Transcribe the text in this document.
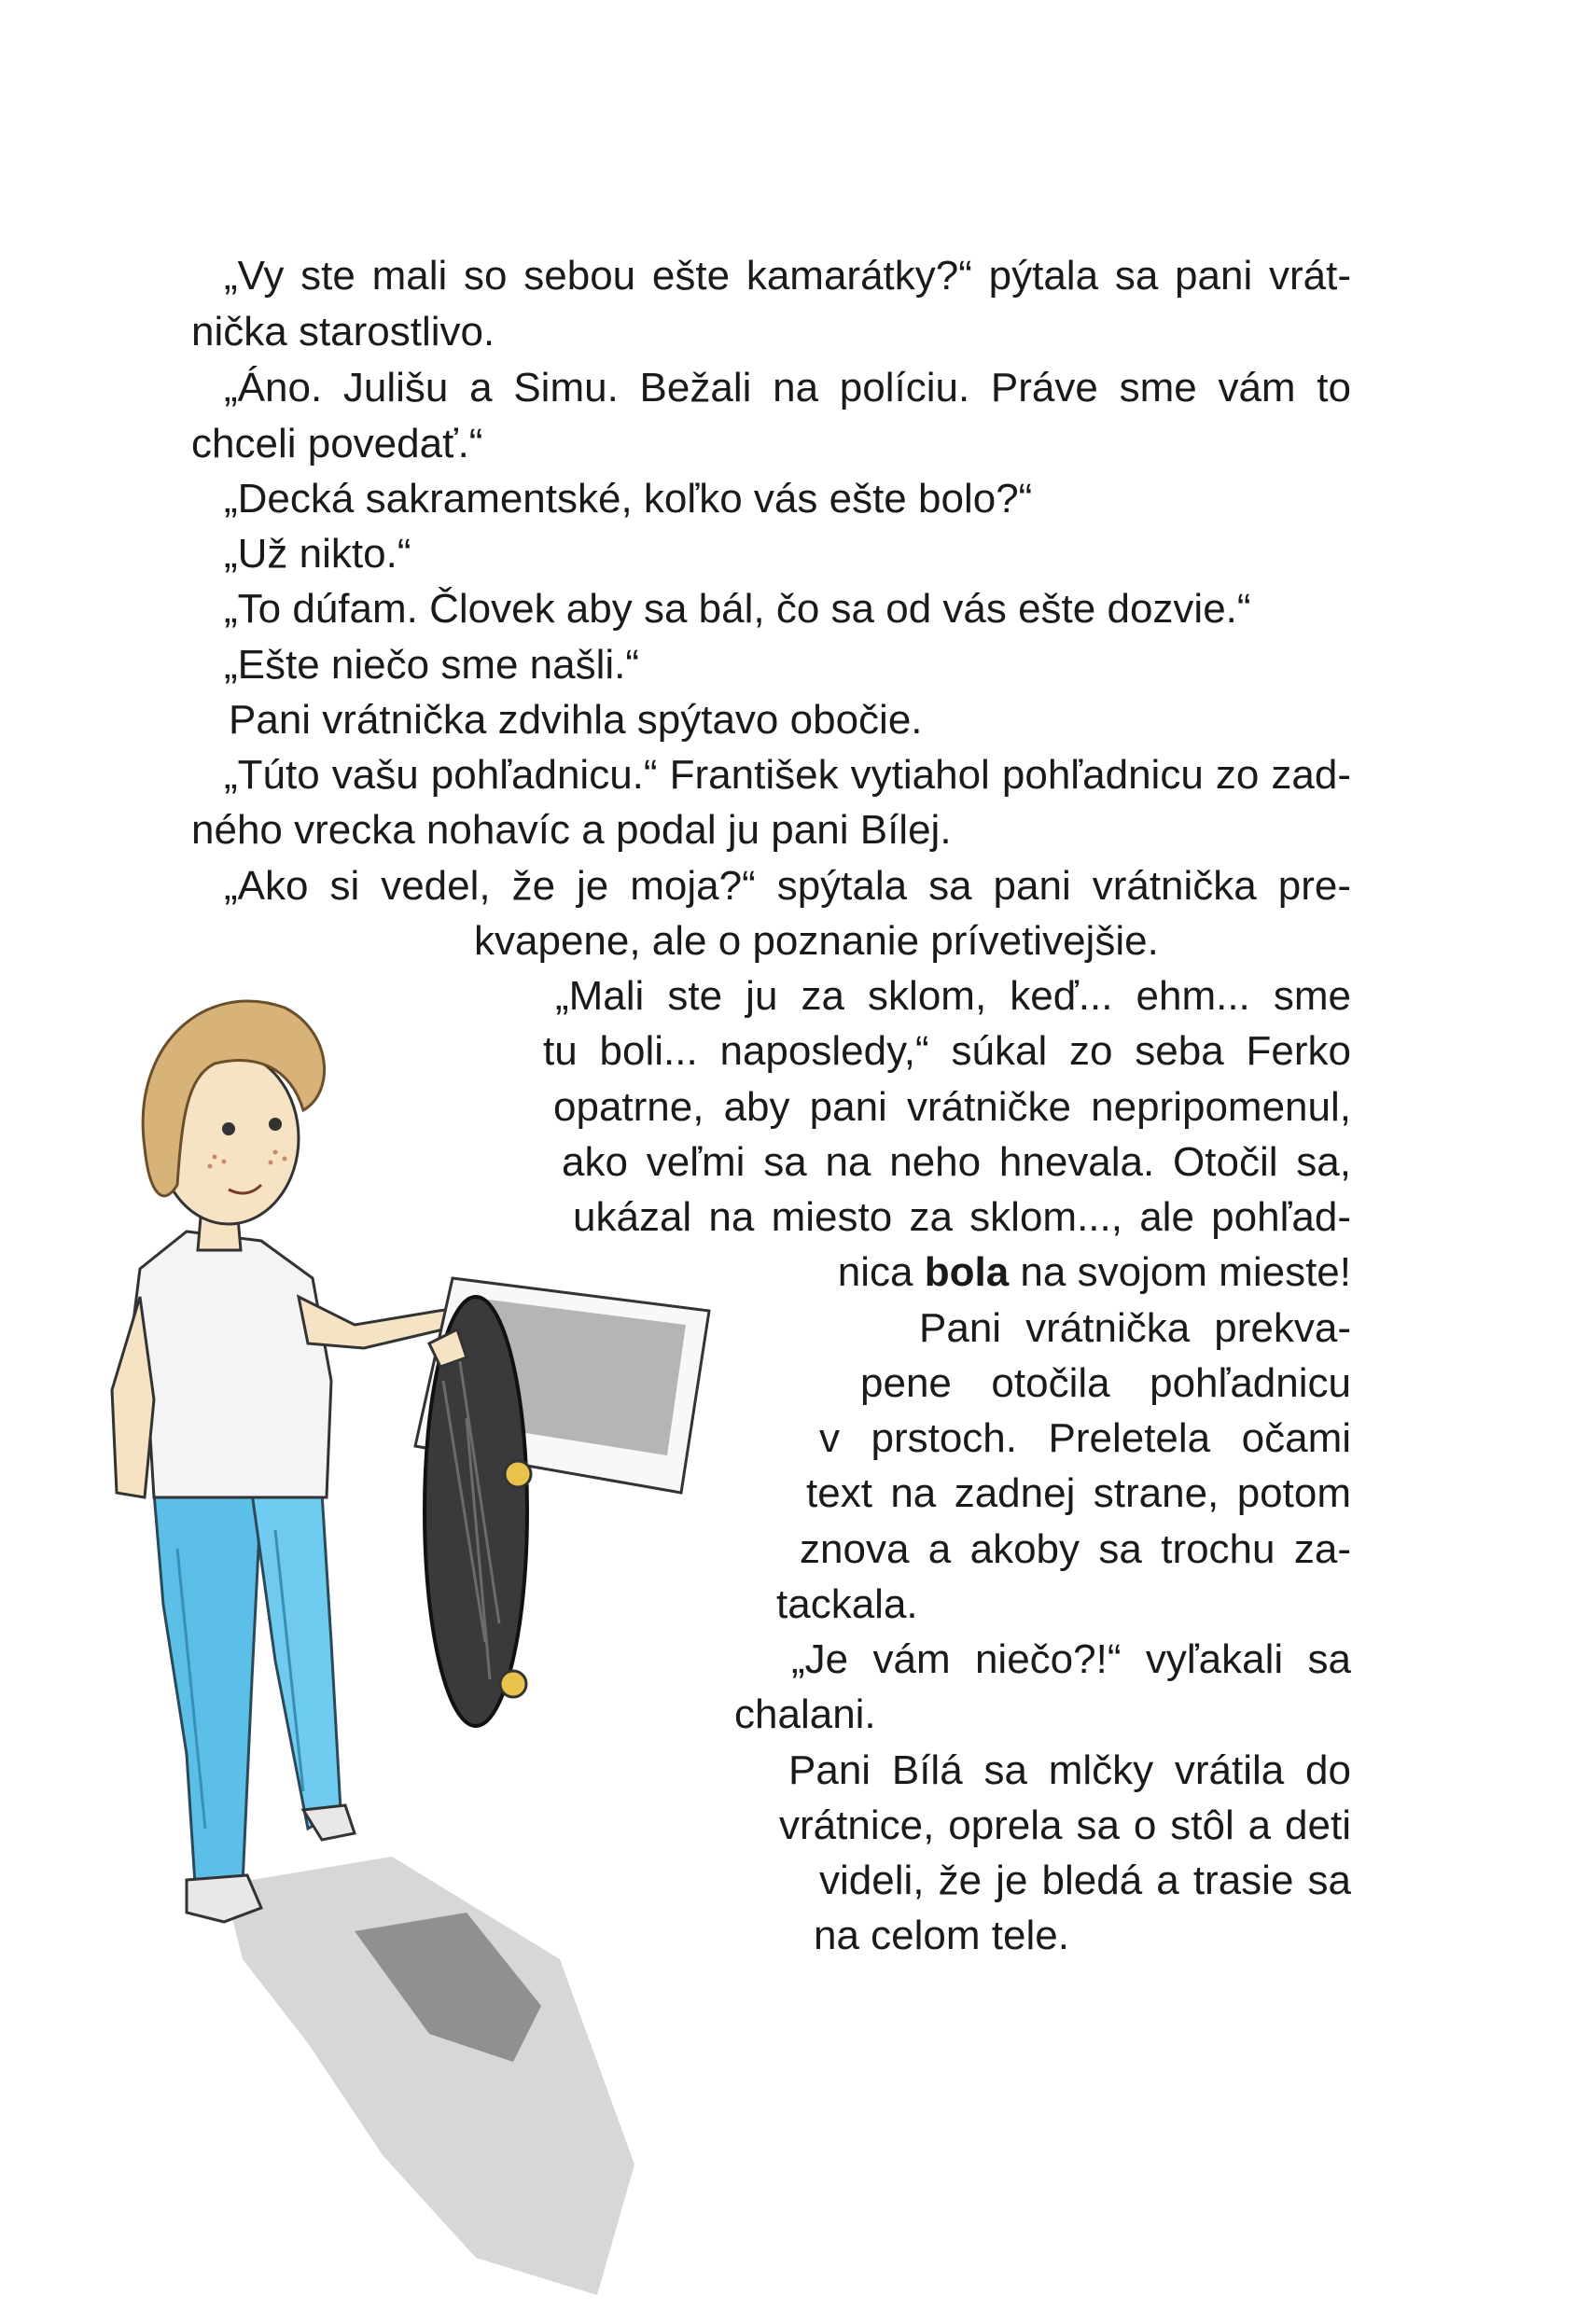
„Vy ste mali so sebou ešte kamarátky?“ pýtala sa pani vrát-
nička starostlivo.
„Áno. Julišu a Simu. Bežali na políciu. Práve sme vám to
chceli povedať.“
„Decká sakramentské, koľko vás ešte bolo?“
„Už nikto.“
„To dúfam. Človek aby sa bál, čo sa od vás ešte dozvie.“
„Ešte niečo sme našli.“
Pani vrátnička zdvihla spýtavo obočie.
„Túto vašu pohľadnicu.“ František vytiahol pohľadnicu zo zad-
ného vrecka nohavíc a podal ju pani Bílej.
„Ako si vedel, že je moja?“ spýtala sa pani vrátnička pre-
kvapene, ale o poznanie prívetivejšie.
„Mali ste ju za sklom, keď... ehm... sme
tu boli... naposledy,“ súkal zo seba Ferko
opatrne, aby pani vrátničke nepripomenul,
ako veľmi sa na neho hnevala. Otočil sa,
ukázal na miesto za sklom..., ale pohľad-
nica bola na svojom mieste!
Pani vrátnička prekva-
pene otočila pohľadnicu
v prstoch. Preletela očami
text na zadnej strane, potom
znova a akoby sa trochu za-
tackala.
„Je vám niečo?!“ vyľakali sa
chalani.
Pani Bílá sa mlčky vrátila do
vrátnice, oprela sa o stôl a deti
videli, že je bledá a trasie sa
na celom tele.
